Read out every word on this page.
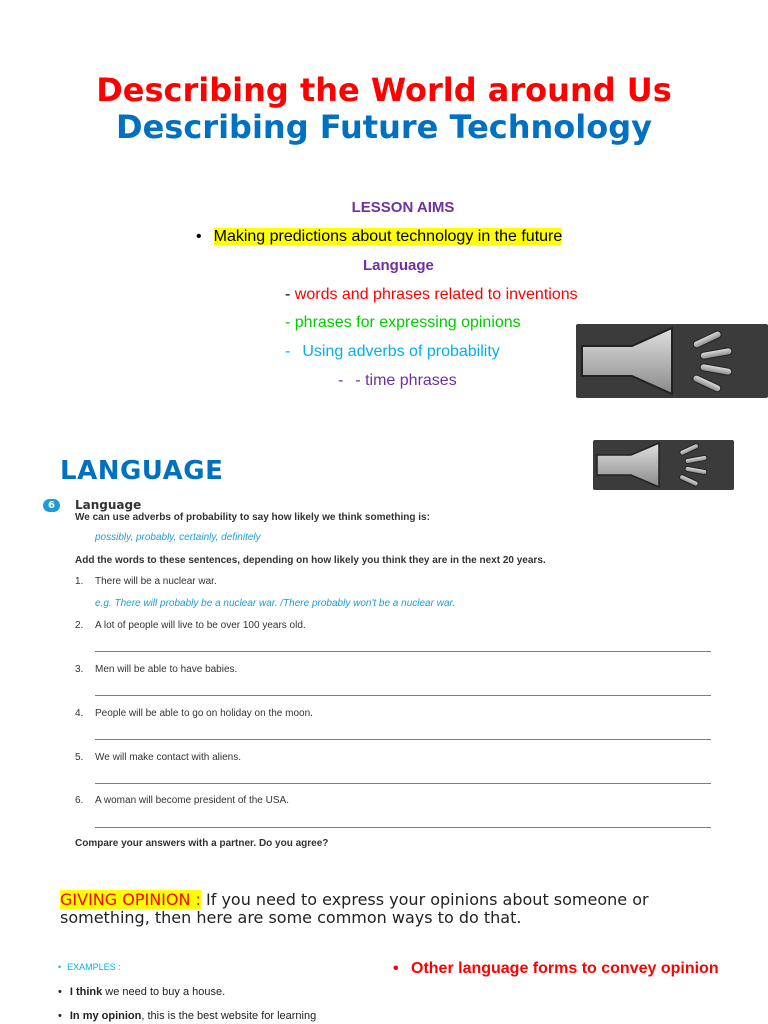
Describing the World around Us Describing Future Technology
LESSON AIMS
• Making predictions about technology in the future
Language
- words and phrases related to inventions
- phrases for expressing opinions
- Using adverbs of probability
- - time phrases
LANGUAGE
6	Language
We can use adverbs of probability to say how likely we think something is:
possibly, probably, certainly, definitely
Add the words to these sentences, depending on how likely you think they are in the next 20 years.
1. There will be a nuclear war.
e.g. There will probably be a nuclear war. /There probably won't be a nuclear war.
2. A lot of people will live to be over 100 years old.
3. Men will be able to have babies.
4. People will be able to go on holiday on the moon.
5. We will make contact with aliens.
6. A woman will become president of the USA.
Compare your answers with a partner. Do you agree?
GIVING OPINION : If you need to express your opinions about someone or something, then here are some common ways to do that.
• EXAMPLES :
• I think we need to buy a house.
• In my opinion, this is the best website for learning
• Other language forms to convey opinion
